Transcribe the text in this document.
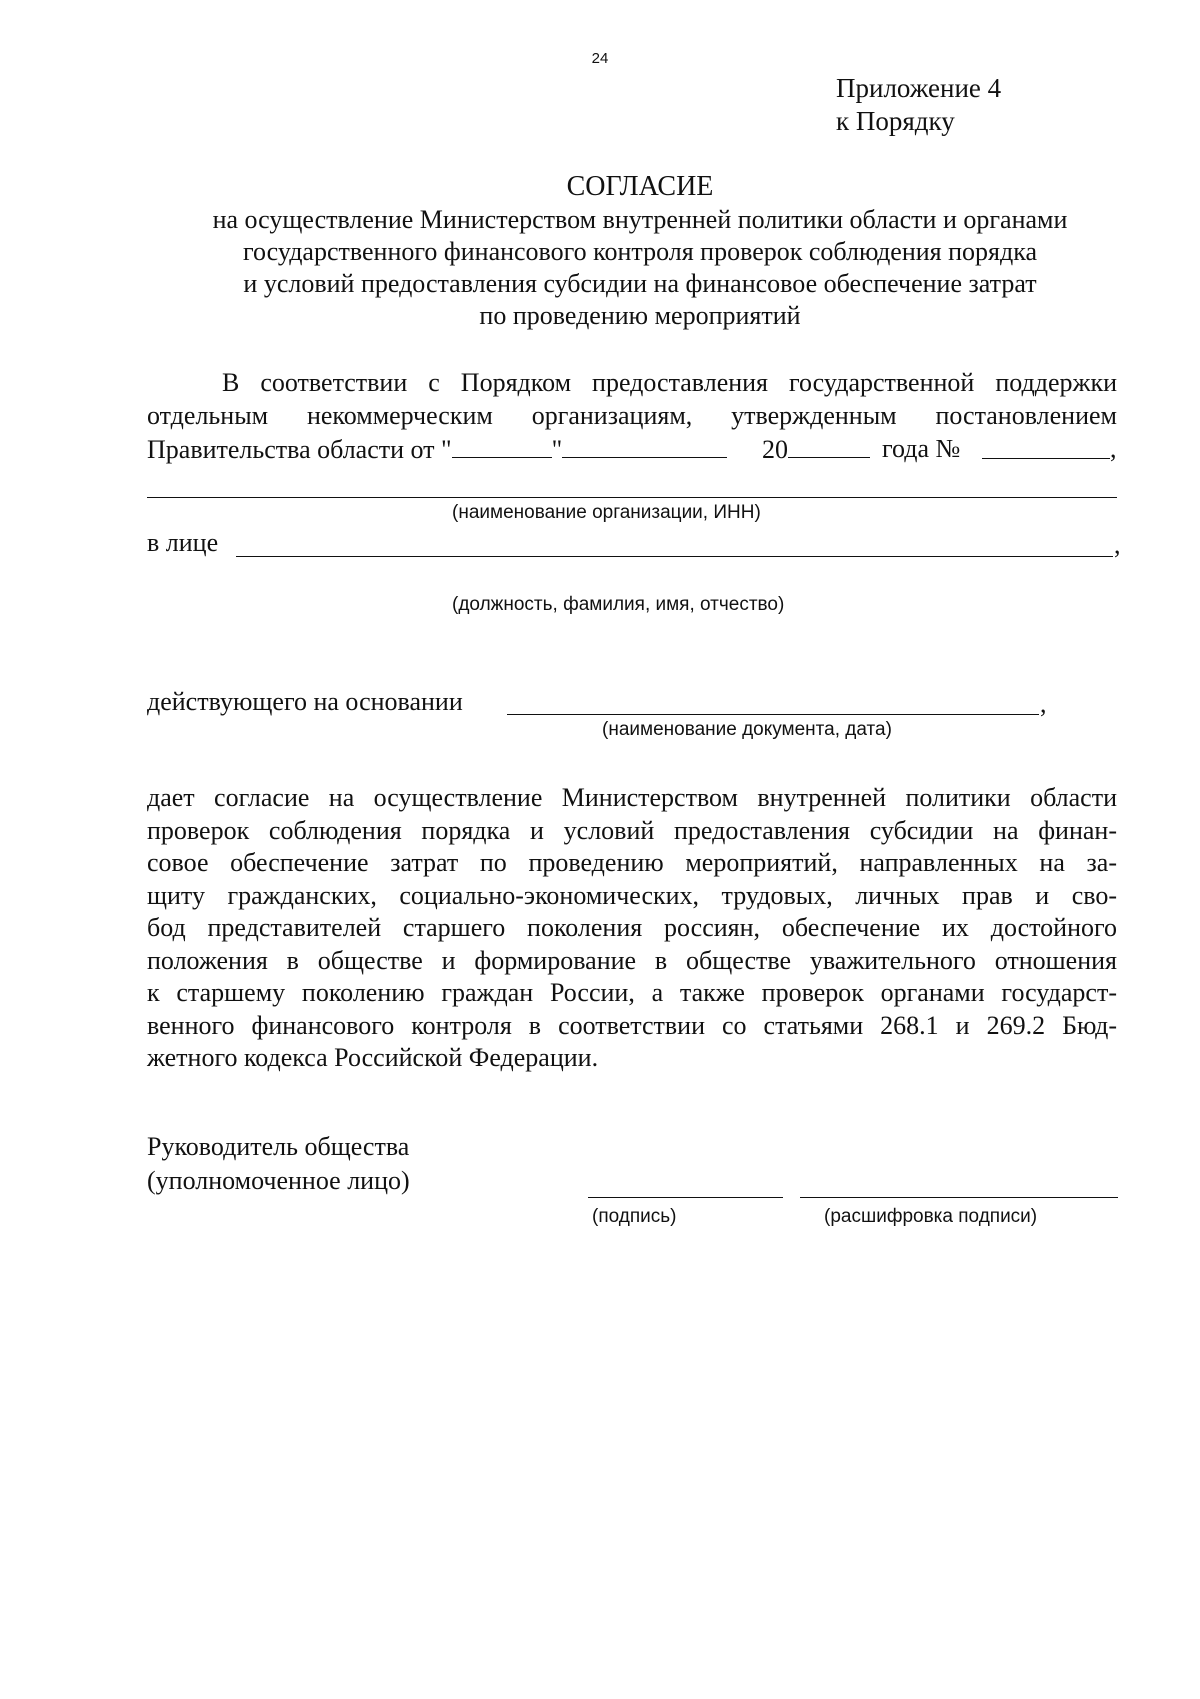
24
Приложение 4
к Порядку
СОГЛАСИЕ
на осуществление Министерством внутренней политики области и органами
государственного финансового контроля проверок соблюдения порядка
и условий предоставления субсидии на финансовое обеспечение затрат
по проведению мероприятий
В соответствии с Порядком предоставления государственной поддержки
отдельным некоммерческим организациям, утвержденным постановлением
Правительства области от "	"	20	года №	,
(наименование организации, ИНН)
в лице	,
(должность, фамилия, имя, отчество)
действующего на основании	,
(наименование документа, дата)
дает согласие на осуществление Министерством внутренней политики области
проверок соблюдения порядка и условий предоставления субсидии на финан-
совое обеспечение затрат по проведению мероприятий, направленных на за-
щиту гражданских, социально-экономических, трудовых, личных прав и сво-
бод представителей старшего поколения россиян, обеспечение их достойного
положения в обществе и формирование в обществе уважительного отношения
к старшему поколению граждан России, а также проверок органами государст-
венного финансового контроля в соответствии со статьями 268.1 и 269.2 Бюд-
жетного кодекса Российской Федерации.
Руководитель общества
(уполномоченное лицо)
(подпись)	(расшифровка подписи)
